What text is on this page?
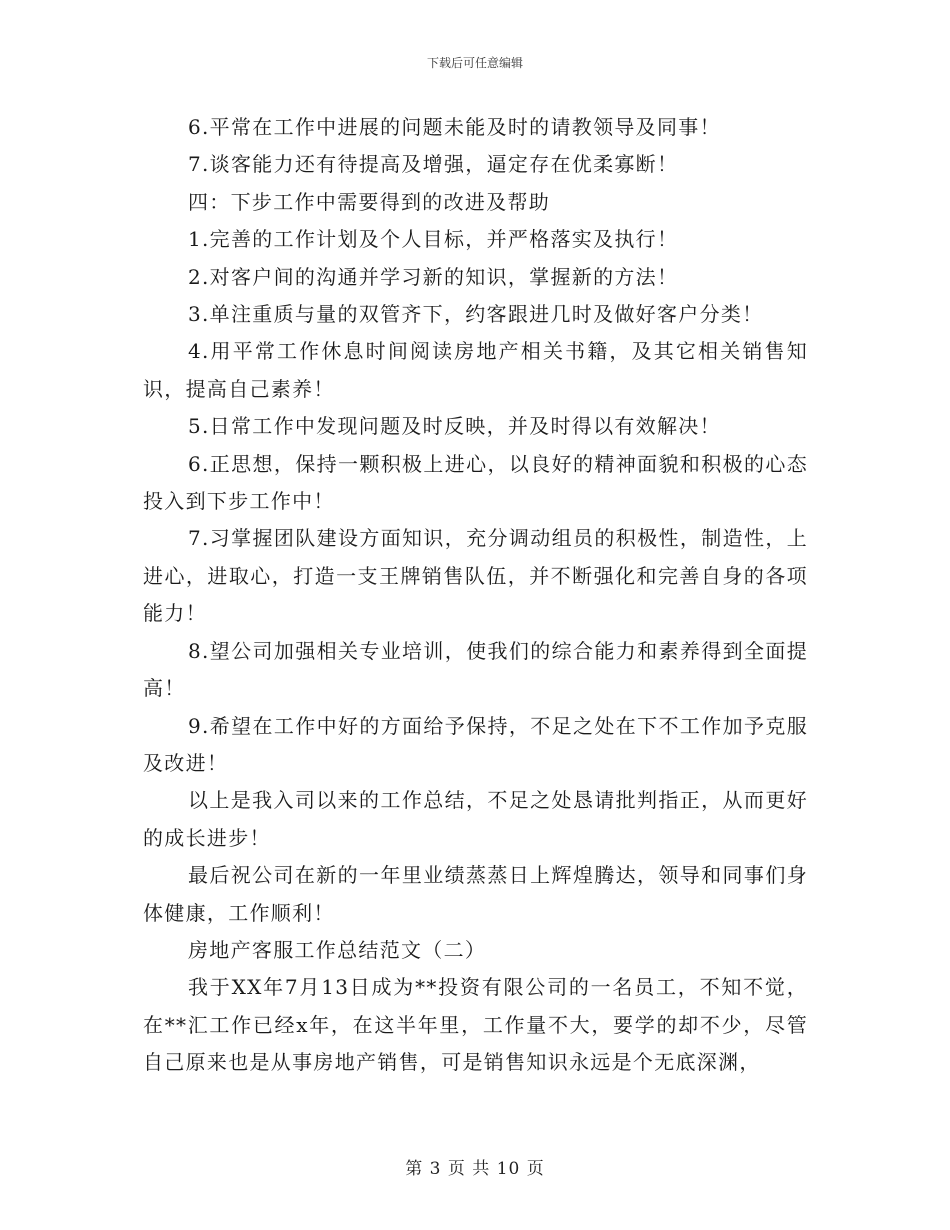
下载后可任意编辑

6.平常在工作中进展的问题未能及时的请教领导及同事！

7.谈客能力还有待提高及增强，逼定存在优柔寡断！

四：下步工作中需要得到的改进及帮助

1.完善的工作计划及个人目标，并严格落实及执行！

2.对客户间的沟通并学习新的知识，掌握新的方法！

3.单注重质与量的双管齐下，约客跟进几时及做好客户分类！

4.用平常工作休息时间阅读房地产相关书籍，及其它相关销售知识，提高自己素养！

5.日常工作中发现问题及时反映，并及时得以有效解决！

6.正思想，保持一颗积极上进心，以良好的精神面貌和积极的心态投入到下步工作中！

7.习掌握团队建设方面知识，充分调动组员的积极性，制造性，上进心，进取心，打造一支王牌销售队伍，并不断强化和完善自身的各项能力！

8.望公司加强相关专业培训，使我们的综合能力和素养得到全面提高！

9.希望在工作中好的方面给予保持，不足之处在下不工作加予克服及改进！

以上是我入司以来的工作总结，不足之处恳请批判指正，从而更好的成长进步！

最后祝公司在新的一年里业绩蒸蒸日上辉煌腾达，领导和同事们身体健康，工作顺利！

房地产客服工作总结范文（二）

我于XX年7月13日成为**投资有限公司的一名员工，不知不觉，在**汇工作已经x年，在这半年里，工作量不大，要学的却不少，尽管自己原来也是从事房地产销售，可是销售知识永远是个无底深渊，

第 3 页 共 10 页
